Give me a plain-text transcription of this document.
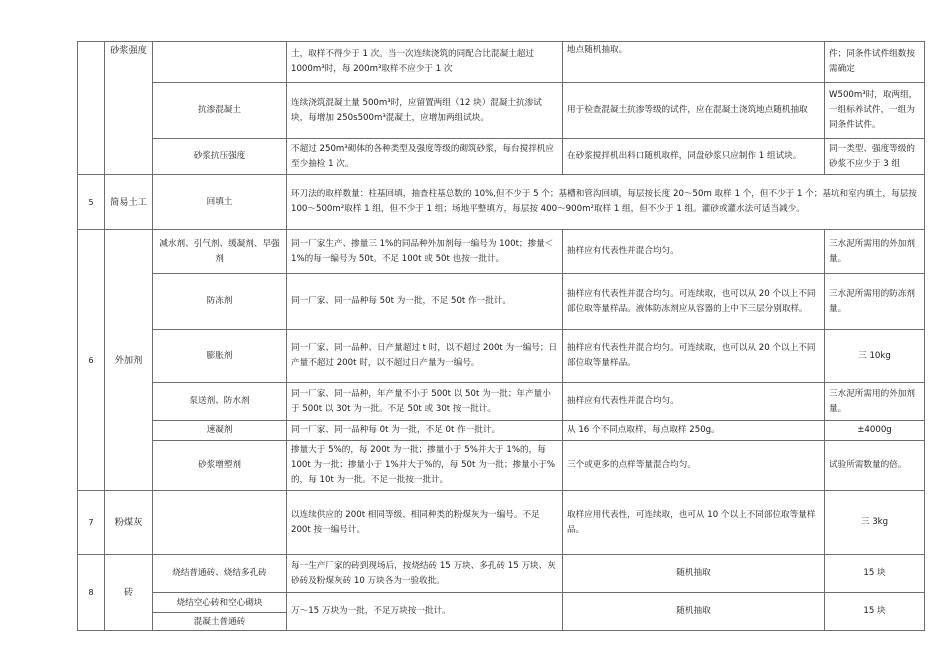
	砂浆强度		土，取样不得少于 1 次。当一次连续浇筑的同配合比混凝土超过 1000m³时，每 200m³取样不应少于 1 次	地点随机抽取。	件；同条件试件组数按需确定
		抗渗混凝土	连续浇筑混凝土量 500m³时，应留置两组（12 块）混凝土抗渗试块，每增加 250s500m³混凝土，应增加两组试块。	用于检查混凝土抗渗等级的试件，应在混凝土浇筑地点随机抽取	W500m³时，取两组，一组标养试件，一组为同条件试件。
		砂浆抗压强度	不超过 250m³砌体的各种类型及强度等级的砌筑砂浆，每台搅拌机应至少抽检 1 次。	在砂浆搅拌机出料口随机取样，同盘砂浆只应制作 1 组试块。	同一类型、强度等级的砂浆不应少于 3 组
5	简易土工	回填土	环刀法的取样数量：柱基回填，抽查柱基总数的 10%,但不少于 5 个；基槽和管沟回填，每层按长度 20～50m 取样 1 个，但不少于 1 个；基坑和室内填土，每层按 100～500m²取样 1 组，但不少于 1 组；场地平整填方，每层按 400～900m²取样 1 组，但不少于 1 组。灌砂或灌水法可适当减少。		
6	外加剂	减水剂、引气剂、缓凝剂、早强剂	同一厂家生产、掺量三 1%的同品种外加剂每一编号为 100t；掺量＜1%的每一编号为 50t。不足 100t 或 50t 也按一批计。	抽样应有代表性并混合均匀。	三水泥所需用的外加剂量。
		防冻剂	同一厂家、同一品种每 50t 为一批，不足 50t 作一批计。	抽样应有代表性并混合均匀。可连续取，也可以从 20 个以上不同部位取等量样品。液体防冻剂应从容器的上中下三层分别取样。	三水泥所需用的防冻剂量。
		膨胀剂	同一厂家、同一品种、日产量超过 t 时，以不超过 200t 为一编号；日产量不超过 200t 时，以不超过日产量为一编号。	抽样应有代表性并混合均匀。可连续取，也可以从 20 个以上不同部位取等量样品。	三 10kg
		泵送剂、防水剂	同一厂家、同一品种，年产量不小于 500t 以 50t 为一批；年产量小于 500t 以 30t 为一批。不足 50t 或 30t 按一批计。	抽样应有代表性并混合均匀。	三水泥所需用的外加剂量。
		速凝剂	同一厂家、同一品种每 0t 为一批，不足 0t 作一批计。	从 16 个不同点取样，每点取样 250g。	±4000g
		砂浆增塑剂	掺量大于 5%的，每 200t 为一批；掺量小于 5%并大于 1%的，每 100t 为一批；掺量小于 1%并大于%的，每 50t 为一批；掺量小于%的，每 10t 为一批。不足一批按一批计。	三个或更多的点样等量混合均匀。	试验所需数量的倍。
7	粉煤灰		以连续供应的 200t 相同等级、相同种类的粉煤灰为一编号。不足 200t 按一编号计。	取样应用代表性，可连续取，也可从 10 个以上不同部位取等量样品。	三 3kg
8	砖	烧结普通砖、烧结多孔砖	每一生产厂家的砖到现场后，按烧结砖 15 万块、多孔砖 15 万块、灰砂砖及粉煤灰砖 10 万块各为一验收批。	随机抽取	15 块
		烧结空心砖和空心砌块	万～15 万块为一批，不足万块按一批计。	随机抽取	15 块
		混凝土普通砖			
